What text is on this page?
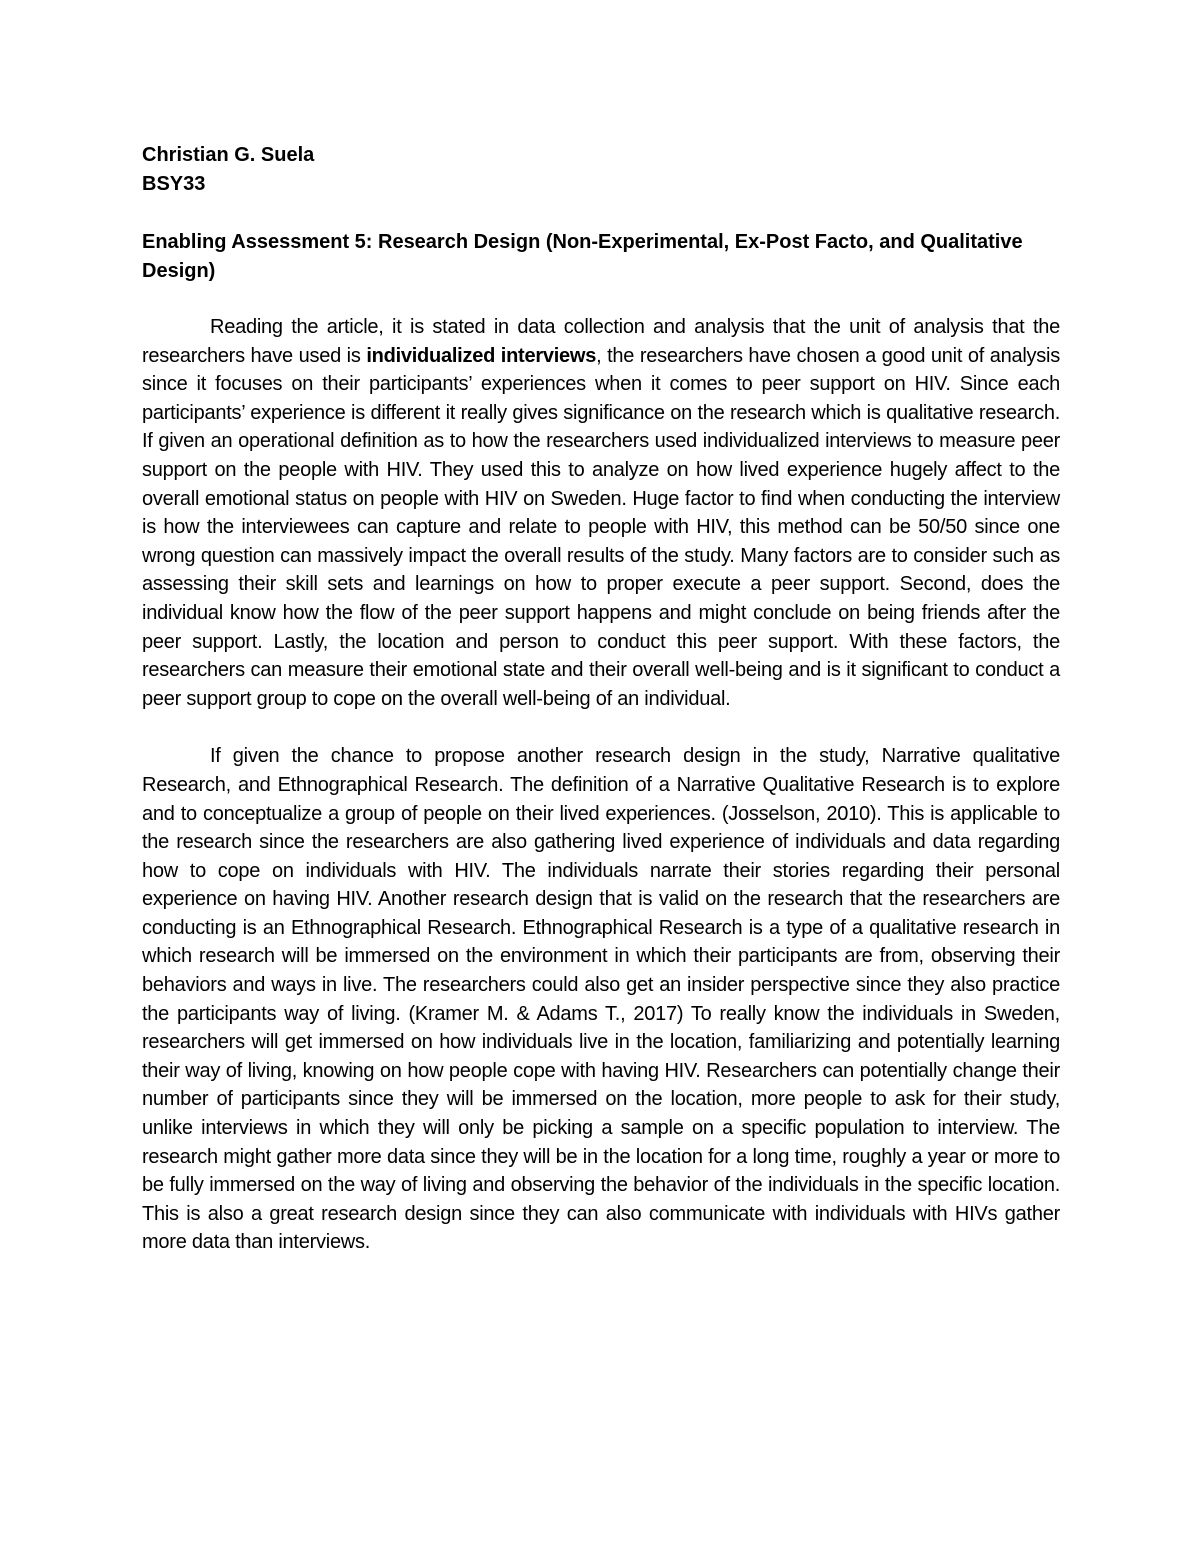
Christian G. Suela

BSY33

Enabling Assessment 5: Research Design (Non-Experimental, Ex-Post Facto, and Qualitative Design)

Reading the article, it is stated in data collection and analysis that the unit of analysis that the researchers have used is individualized interviews, the researchers have chosen a good unit of analysis since it focuses on their participants’ experiences when it comes to peer support on HIV. Since each participants’ experience is different it really gives significance on the research which is qualitative research. If given an operational definition as to how the researchers used individualized interviews to measure peer support on the people with HIV. They used this to analyze on how lived experience hugely affect to the overall emotional status on people with HIV on Sweden. Huge factor to find when conducting the interview is how the interviewees can capture and relate to people with HIV, this method can be 50/50 since one wrong question can massively impact the overall results of the study. Many factors are to consider such as assessing their skill sets and learnings on how to proper execute a peer support. Second, does the individual know how the flow of the peer support happens and might conclude on being friends after the peer support. Lastly, the location and person to conduct this peer support. With these factors, the researchers can measure their emotional state and their overall well-being and is it significant to conduct a peer support group to cope on the overall well-being of an individual.

If given the chance to propose another research design in the study, Narrative qualitative Research, and Ethnographical Research. The definition of a Narrative Qualitative Research is to explore and to conceptualize a group of people on their lived experiences. (Josselson, 2010). This is applicable to the research since the researchers are also gathering lived experience of individuals and data regarding how to cope on individuals with HIV. The individuals narrate their stories regarding their personal experience on having HIV. Another research design that is valid on the research that the researchers are conducting is an Ethnographical Research. Ethnographical Research is a type of a qualitative research in which research will be immersed on the environment in which their participants are from, observing their behaviors and ways in live. The researchers could also get an insider perspective since they also practice the participants way of living. (Kramer M. & Adams T., 2017) To really know the individuals in Sweden, researchers will get immersed on how individuals live in the location, familiarizing and potentially learning their way of living, knowing on how people cope with having HIV. Researchers can potentially change their number of participants since they will be immersed on the location, more people to ask for their study, unlike interviews in which they will only be picking a sample on a specific population to interview. The research might gather more data since they will be in the location for a long time, roughly a year or more to be fully immersed on the way of living and observing the behavior of the individuals in the specific location. This is also a great research design since they can also communicate with individuals with HIVs gather more data than interviews.
